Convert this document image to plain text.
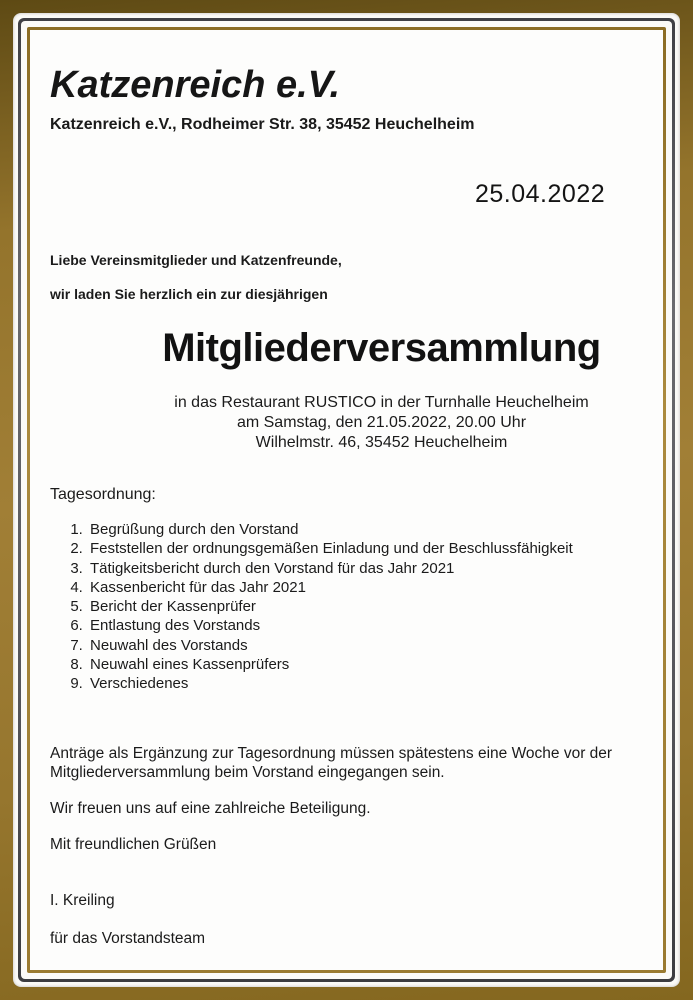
Katzenreich e.V.
Katzenreich e.V., Rodheimer Str. 38, 35452 Heuchelheim
25.04.2022
Liebe Vereinsmitglieder und Katzenfreunde,
wir laden Sie herzlich ein zur diesjährigen
Mitgliederversammlung
in das Restaurant RUSTICO in der Turnhalle Heuchelheim
am Samstag, den 21.05.2022, 20.00 Uhr
Wilhelmstr. 46, 35452 Heuchelheim
Tagesordnung:
1. Begrüßung durch den Vorstand
2. Feststellen der ordnungsgemäßen Einladung und der Beschlussfähigkeit
3. Tätigkeitsbericht durch den Vorstand für das Jahr 2021
4. Kassenbericht für das Jahr 2021
5. Bericht der Kassenprüfer
6. Entlastung des Vorstands
7. Neuwahl des Vorstands
8. Neuwahl eines Kassenprüfers
9. Verschiedenes
Anträge als Ergänzung zur Tagesordnung müssen spätestens eine Woche vor der Mitgliederversammlung beim Vorstand eingegangen sein.
Wir freuen uns auf eine zahlreiche Beteiligung.
Mit freundlichen Grüßen
I. Kreiling
für das Vorstandsteam
